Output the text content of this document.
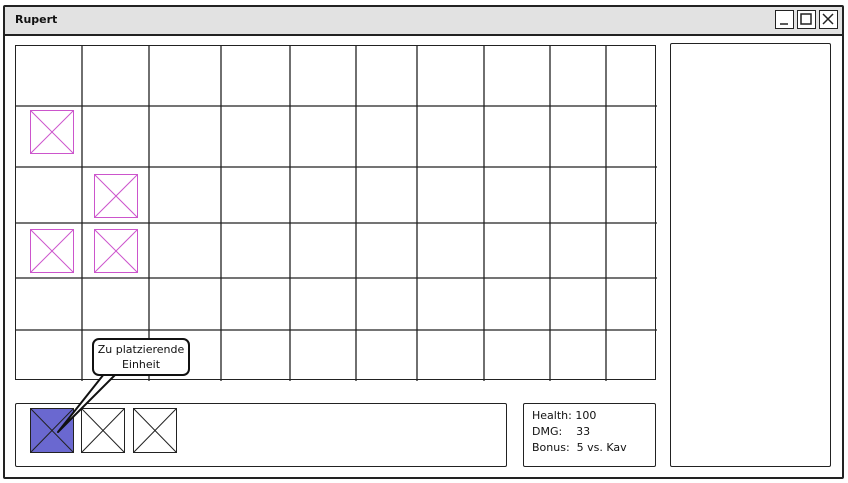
Rupert
Health: 100
DMG:    33
Bonus:  5 vs. Kav
Zu platzierende
Einheit
